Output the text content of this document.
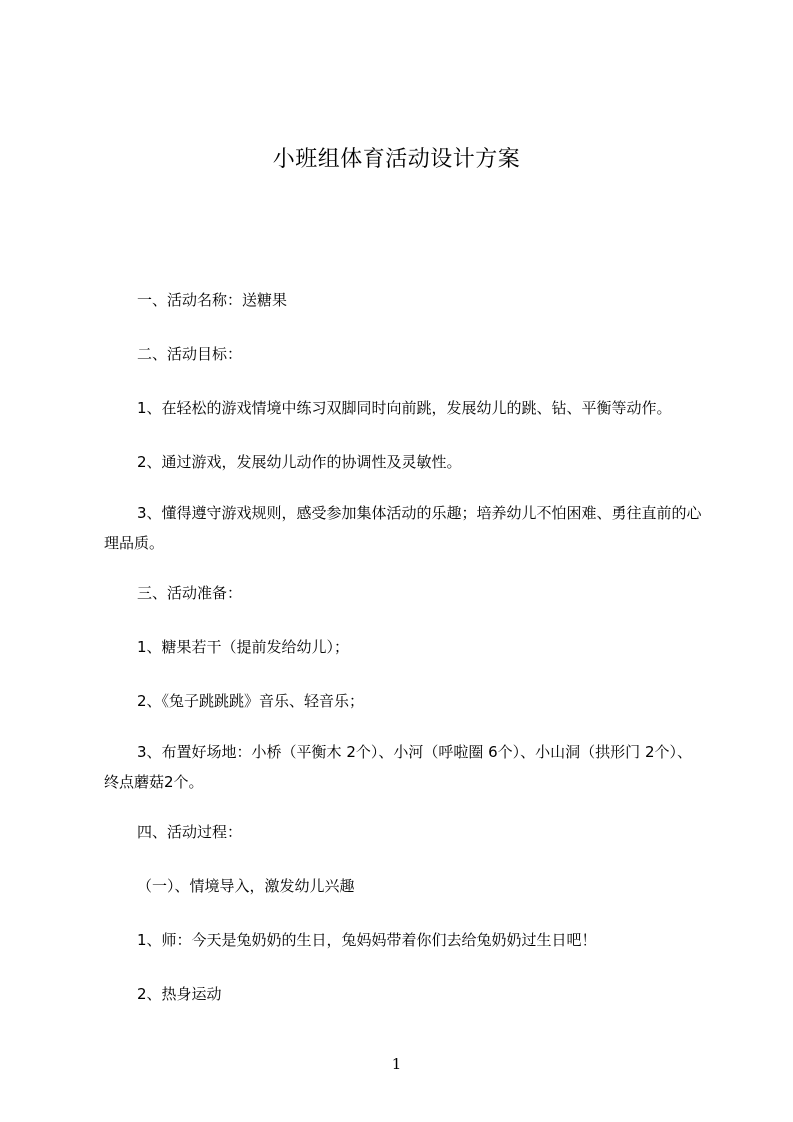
小班组体育活动设计方案
一、活动名称：送糖果
二、活动目标：
1、在轻松的游戏情境中练习双脚同时向前跳，发展幼儿的跳、钻、平衡等动作。
2、通过游戏，发展幼儿动作的协调性及灵敏性。
3、懂得遵守游戏规则，感受参加集体活动的乐趣；培养幼儿不怕困难、勇往直前的心理品质。
三、活动准备：
1、糖果若干（提前发给幼儿）；
2、《兔子跳跳跳》音乐、轻音乐；
3、布置好场地：小桥（平衡木 2个）、小河（呼啦圈 6个）、小山洞（拱形门 2个）、终点蘑菇2个。
四、活动过程：
（一）、情境导入，激发幼儿兴趣
1、师：今天是兔奶奶的生日，兔妈妈带着你们去给兔奶奶过生日吧！
2、热身运动
1
